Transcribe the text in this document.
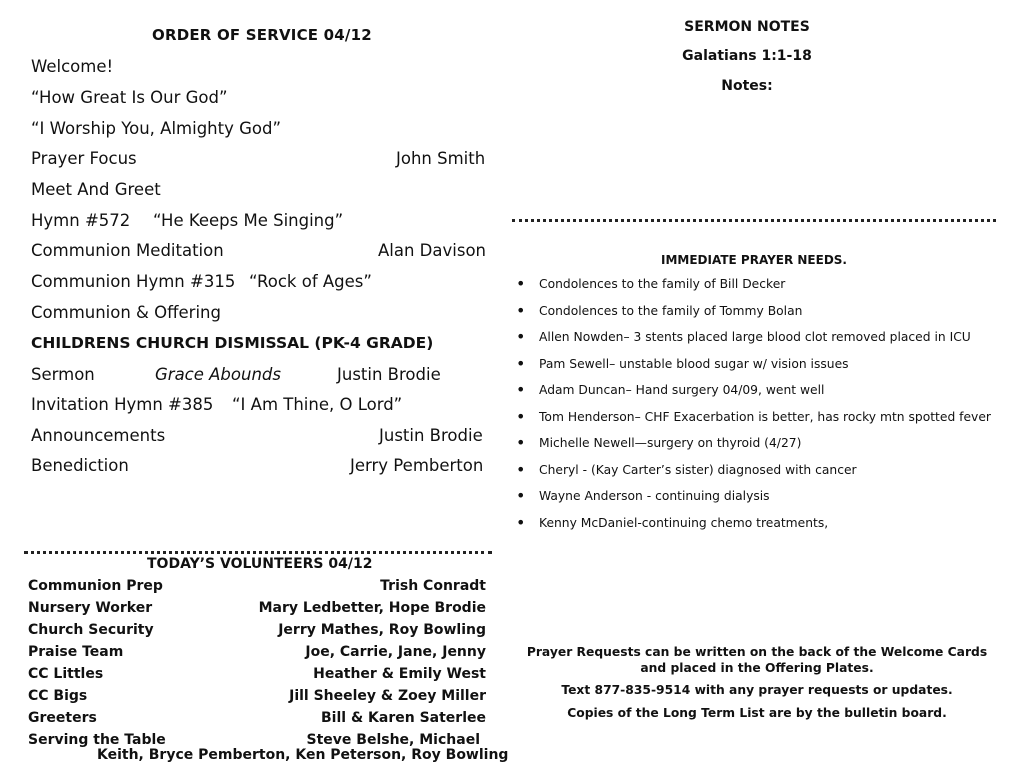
ORDER OF SERVICE 04/12
Welcome!
“How Great Is Our God”
“I Worship You, Almighty God”
Prayer Focus	John Smith
Meet And Greet
Hymn #572 “He Keeps Me Singing”
Communion Meditation	Alan Davison
Communion Hymn #315 “Rock of Ages”
Communion & Offering
CHILDRENS CHURCH DISMISSAL (PK-4 GRADE)
Sermon	Grace Abounds	Justin Brodie
Invitation Hymn #385 “I Am Thine, O Lord”
Announcements	Justin Brodie
Benediction	Jerry Pemberton
TODAY’S VOLUNTEERS 04/12
Communion Prep	Trish Conradt
Nursery Worker	Mary Ledbetter, Hope Brodie
Church Security	Jerry Mathes, Roy Bowling
Praise Team	Joe, Carrie, Jane, Jenny
CC Littles	Heather & Emily West
CC Bigs	Jill Sheeley & Zoey Miller
Greeters	Bill & Karen Saterlee
Serving the Table	Steve Belshe, Michael
Keith, Bryce Pemberton, Ken Peterson, Roy Bowling
SERMON NOTES
Galatians 1:1-18
Notes:
IMMEDIATE PRAYER NEEDS.
• Condolences to the family of Bill Decker
• Condolences to the family of Tommy Bolan
• Allen Nowden– 3 stents placed large blood clot removed placed in ICU
• Pam Sewell– unstable blood sugar w/ vision issues
• Adam Duncan– Hand surgery 04/09, went well
• Tom Henderson– CHF Exacerbation is better, has rocky mtn spotted fever
• Michelle Newell—surgery on thyroid (4/27)
• Cheryl - (Kay Carter’s sister) diagnosed with cancer
• Wayne Anderson - continuing dialysis
• Kenny McDaniel-continuing chemo treatments,
Prayer Requests can be written on the back of the Welcome Cards
and placed in the Offering Plates.
Text 877-835-9514 with any prayer requests or updates.
Copies of the Long Term List are by the bulletin board.
